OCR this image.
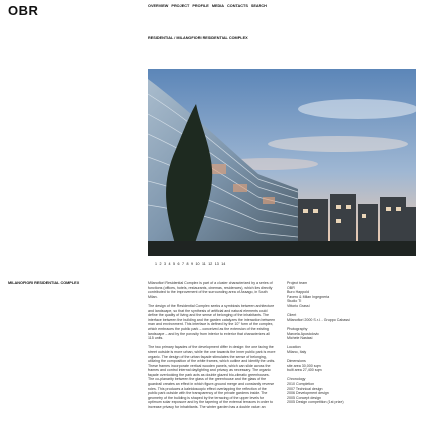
OBR	OVERVIEW PROJECT PROFILE MEDIA CONTACTS SEARCH
RESIDENTIAL / MILANOFIORI RESIDENTIAL COMPLEX
1 2 3 4 5 6 7 8 9 10 11 12 13 14
MILANOFIORI RESIDENTIAL COMPLEX	Milanofiori Residential Complex is part of a cluster characterized by a series of functions (offices, hotels, restaurants, cinemas, residences), which lies directly contributed to the improvement of the surrounding area of Assago, in South Milan.

The design of the Residential Complex seeks a symbiosis between architecture and landscape, so that the synthesis of artificial and natural elements could define the quality of living and the sense of belonging of the inhabitants. The interface between the building and the garden catalyzes the interaction between man and environment. This interface is defined by the 10° form of the complex, which embraces the public park – conceived as the extension of the existing landscape – and by the porosity from interior to exterior that characterizes all 115 units.

The two primary façades of the development differ in design: the one facing the street outside is more urban, while the one towards the inner public park is more organic. The design of the urban façade stimulates the sense of belonging, utilizing the composition of the white frames, which outline and identify the units. These frames incorporate vertical wooden panels, which can slide across the frames and control internal daylighting and privacy as necessary. The organic façade overlooking the park acts as double glazed bio-climatic greenhouses. The co-planarity between the glass of the greenhouse and the glass of the guardrail creates an effect in which figure-ground merge and constantly reverse roles. This produces a kaleidoscopic effect overlapping the reflection of the public park outside with the transparency of the private gardens inside. The geometry of the building is shaped by the terracing of the upper levels for optimum solar exposure and by the tapering of the external terraces in order to increase privacy for inhabitants. The winter garden has a double value: an

Project team
OBR
Buro Happold
Favero & Milan Ingegneria
Studio TI
Vittorio Grassi
Client
Milanofiori 2000 S.r.l. - Gruppo Cabassi
Photography
Marcela Apostolovic
Michele Nastasi
Location
Milano, Italy
Dimensions
site area 30,000 sqm
built area 27,400 sqm
Chronology
2010 Completion
2007 Technical design
2006 Development design
2005 Concept design
2005 Design competition (1st prize)
